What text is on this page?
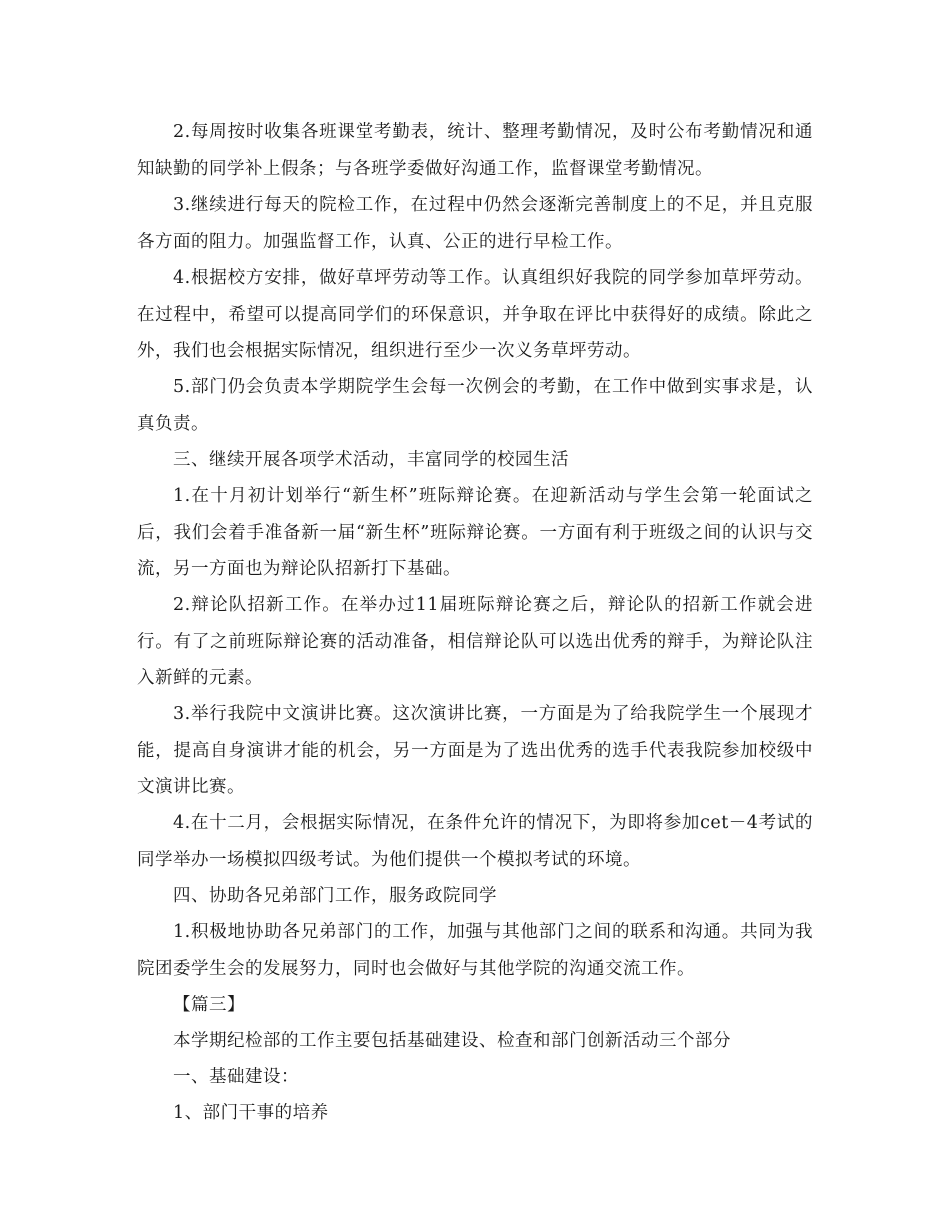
2.每周按时收集各班课堂考勤表，统计、整理考勤情况，及时公布考勤情况和通知缺勤的同学补上假条；与各班学委做好沟通工作，监督课堂考勤情况。

3.继续进行每天的院检工作，在过程中仍然会逐渐完善制度上的不足，并且克服各方面的阻力。加强监督工作，认真、公正的进行早检工作。

4.根据校方安排，做好草坪劳动等工作。认真组织好我院的同学参加草坪劳动。在过程中，希望可以提高同学们的环保意识，并争取在评比中获得好的成绩。除此之外，我们也会根据实际情况，组织进行至少一次义务草坪劳动。

5.部门仍会负责本学期院学生会每一次例会的考勤，在工作中做到实事求是，认真负责。

三、继续开展各项学术活动，丰富同学的校园生活

1.在十月初计划举行“新生杯”班际辩论赛。在迎新活动与学生会第一轮面试之后，我们会着手准备新一届“新生杯”班际辩论赛。一方面有利于班级之间的认识与交流，另一方面也为辩论队招新打下基础。

2.辩论队招新工作。在举办过11届班际辩论赛之后，辩论队的招新工作就会进行。有了之前班际辩论赛的活动准备，相信辩论队可以选出优秀的辩手，为辩论队注入新鲜的元素。

3.举行我院中文演讲比赛。这次演讲比赛，一方面是为了给我院学生一个展现才能，提高自身演讲才能的机会，另一方面是为了选出优秀的选手代表我院参加校级中文演讲比赛。

4.在十二月，会根据实际情况，在条件允许的情况下，为即将参加cet－4考试的同学举办一场模拟四级考试。为他们提供一个模拟考试的环境。

四、协助各兄弟部门工作，服务政院同学

1.积极地协助各兄弟部门的工作，加强与其他部门之间的联系和沟通。共同为我院团委学生会的发展努力，同时也会做好与其他学院的沟通交流工作。

【篇三】

本学期纪检部的工作主要包括基础建设、检查和部门创新活动三个部分

一、基础建设：

1、部门干事的培养
